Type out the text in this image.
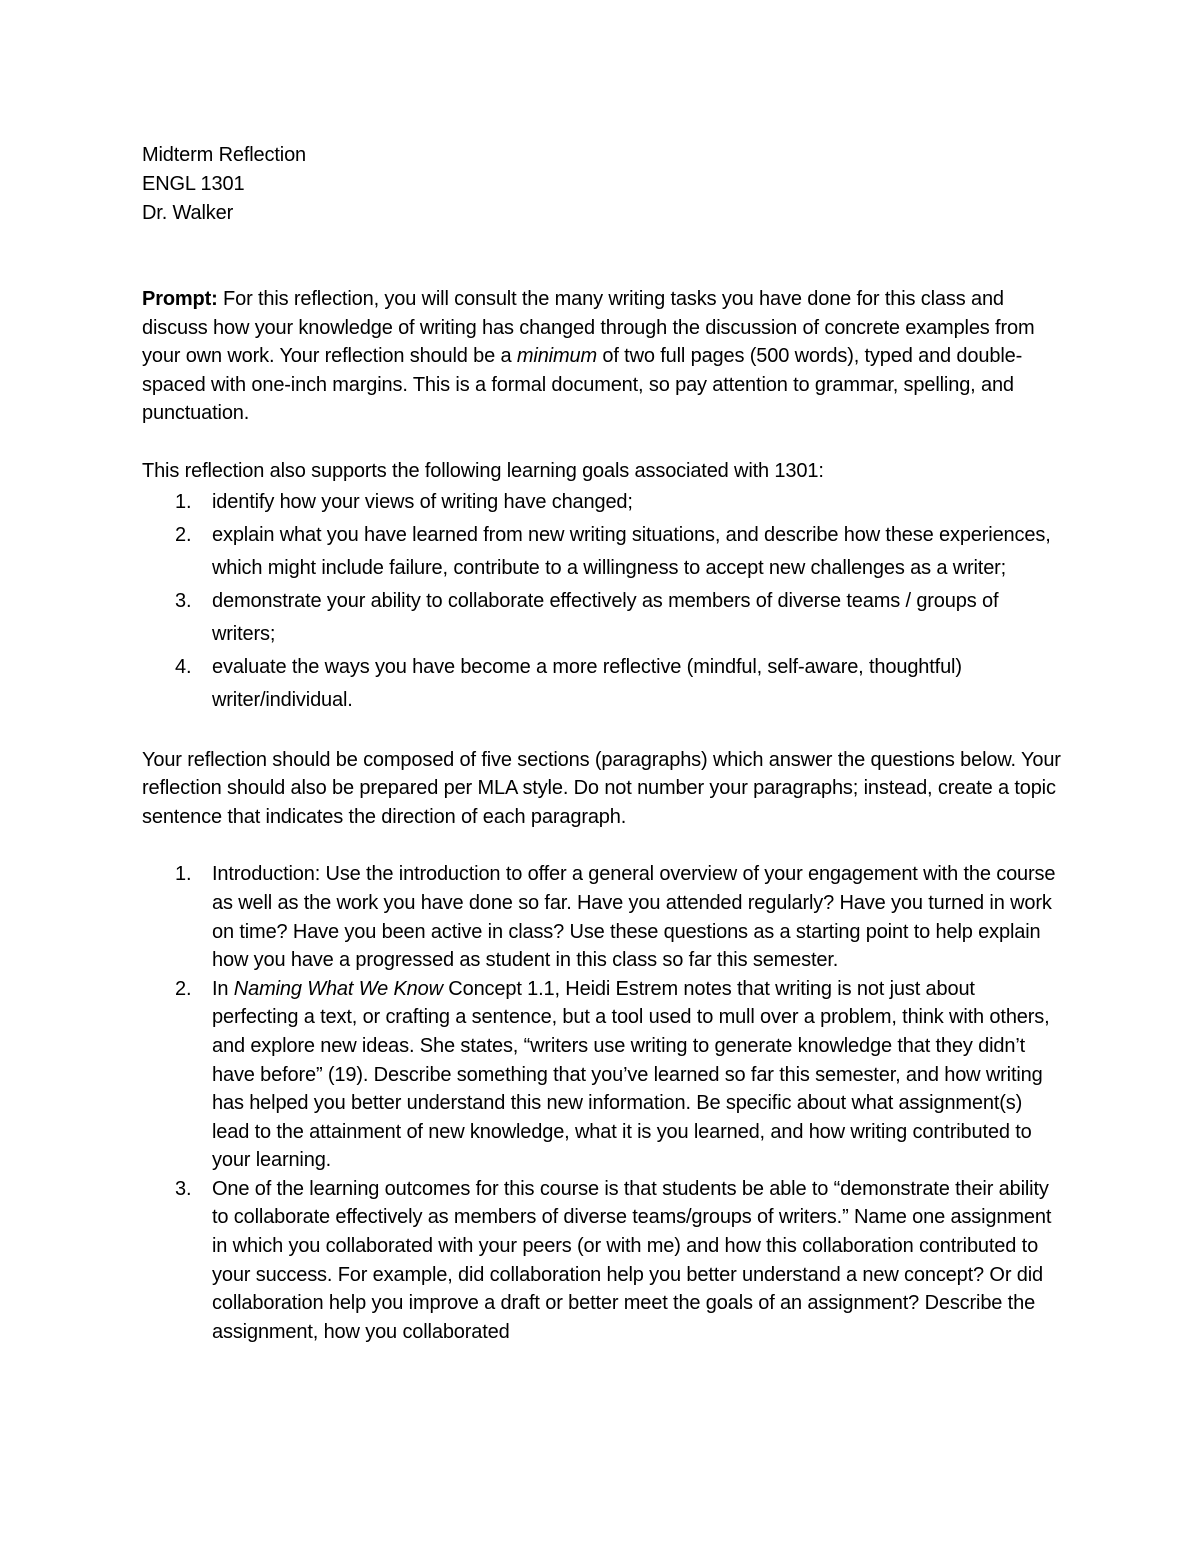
Midterm Reflection

ENGL 1301

Dr. Walker

Prompt: For this reflection, you will consult the many writing tasks you have done for this class and discuss how your knowledge of writing has changed through the discussion of concrete examples from your own work. Your reflection should be a minimum of two full pages (500 words), typed and double-spaced with one-inch margins. This is a formal document, so pay attention to grammar, spelling, and punctuation.

This reflection also supports the following learning goals associated with 1301:

1. identify how your views of writing have changed;
2. explain what you have learned from new writing situations, and describe how these experiences, which might include failure, contribute to a willingness to accept new challenges as a writer;
3. demonstrate your ability to collaborate effectively as members of diverse teams / groups of writers;
4. evaluate the ways you have become a more reflective (mindful, self-aware, thoughtful) writer/individual.

Your reflection should be composed of five sections (paragraphs) which answer the questions below. Your reflection should also be prepared per MLA style. Do not number your paragraphs; instead, create a topic sentence that indicates the direction of each paragraph.

1. Introduction: Use the introduction to offer a general overview of your engagement with the course as well as the work you have done so far. Have you attended regularly? Have you turned in work on time? Have you been active in class? Use these questions as a starting point to help explain how you have a progressed as student in this class so far this semester.
2. In Naming What We Know Concept 1.1, Heidi Estrem notes that writing is not just about perfecting a text, or crafting a sentence, but a tool used to mull over a problem, think with others, and explore new ideas. She states, “writers use writing to generate knowledge that they didn’t have before” (19). Describe something that you’ve learned so far this semester, and how writing has helped you better understand this new information. Be specific about what assignment(s) lead to the attainment of new knowledge, what it is you learned, and how writing contributed to your learning.
3. One of the learning outcomes for this course is that students be able to “demonstrate their ability to collaborate effectively as members of diverse teams/groups of writers.” Name one assignment in which you collaborated with your peers (or with me) and how this collaboration contributed to your success. For example, did collaboration help you better understand a new concept? Or did collaboration help you improve a draft or better meet the goals of an assignment? Describe the assignment, how you collaborated
